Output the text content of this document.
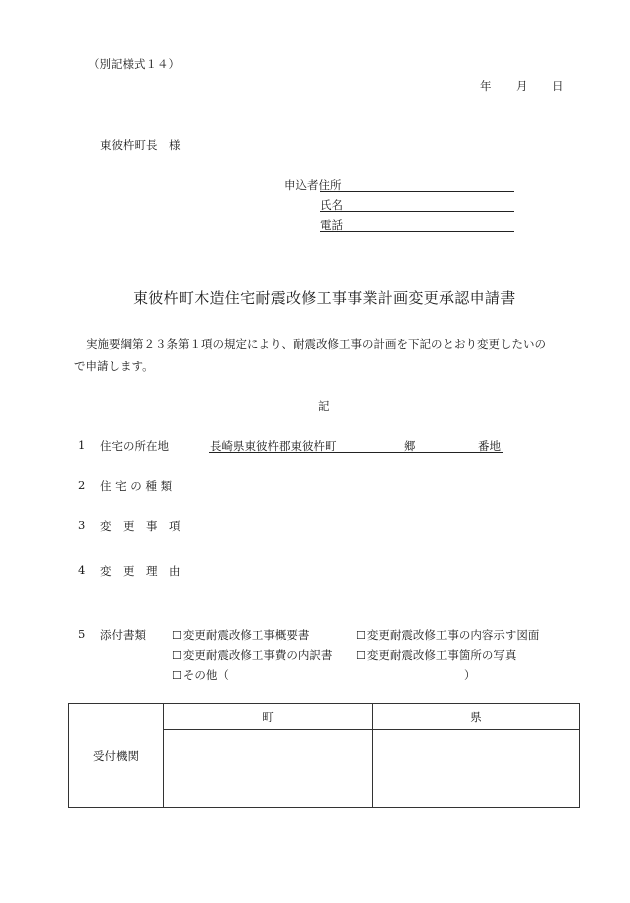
（別記様式１４）
年 月 日
東彼杵町長　様
申込者住所
氏名
電話
東彼杵町木造住宅耐震改修工事事業計画変更承認申請書
実施要綱第２３条第１項の規定により、耐震改修工事の計画を下記のとおり変更したいの
で申請します。
記
1 住宅の所在地	長崎県東彼杵郡東彼杵町	郷	番地
2 住 宅 の 種 類
3 変　更　事　項
4 変　更　理　由
5 添付書類 ☐変更耐震改修工事概要書	☐変更耐震改修工事の内容示す図面
☐変更耐震改修工事費の内訳書 ☐変更耐震改修工事箇所の写真
☐その他（	）
受付機関	町	県
